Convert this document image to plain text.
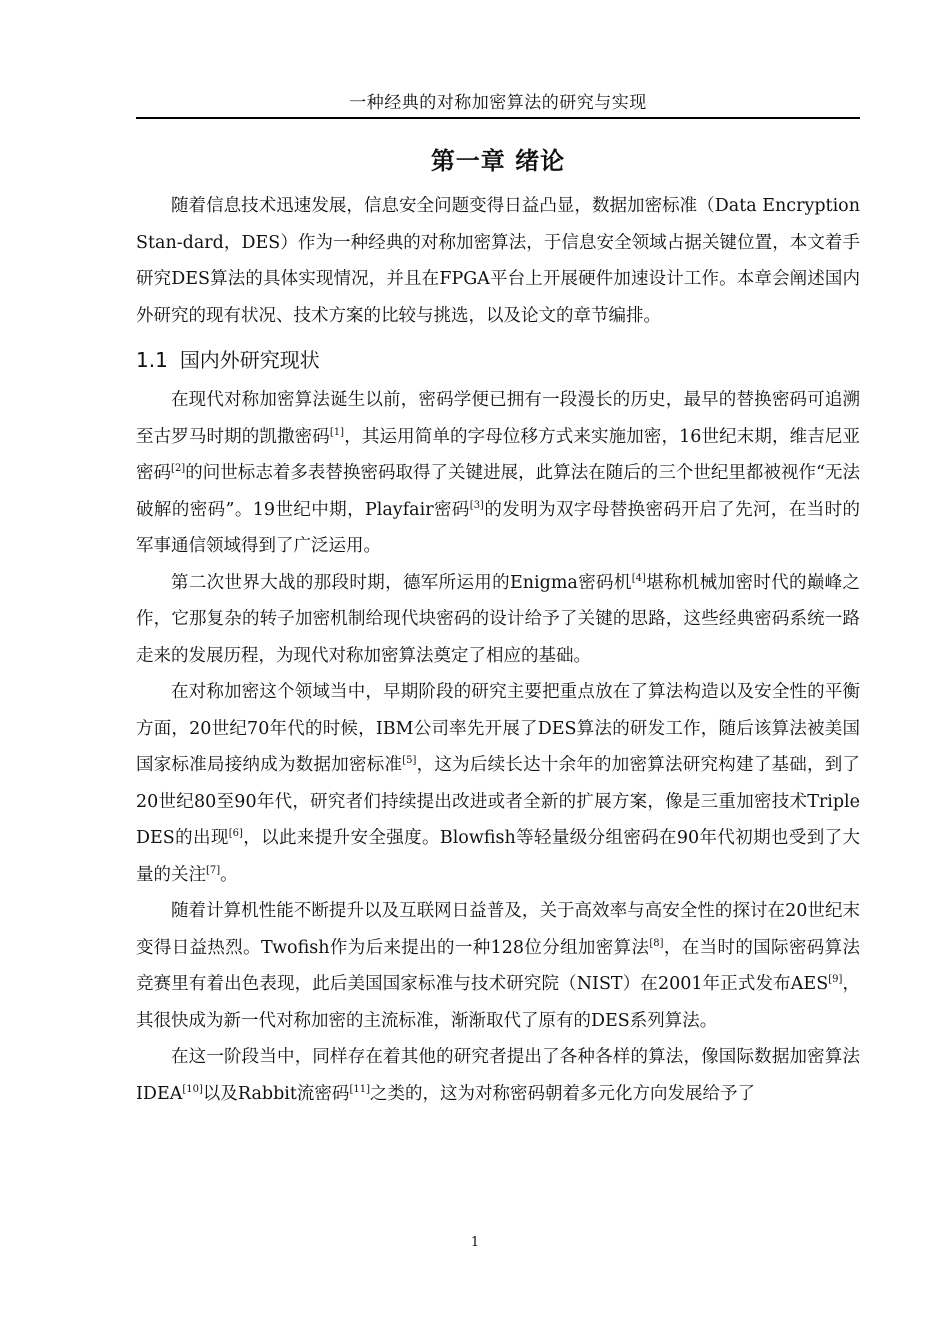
一种经典的对称加密算法的研究与实现
第一章 绪论

随着信息技术迅速发展，信息安全问题变得日益凸显，数据加密标准（Data Encryption Stan-dard，DES）作为一种经典的对称加密算法，于信息安全领域占据关键位置，本文着手研究DES算法的具体实现情况，并且在FPGA平台上开展硬件加速设计工作。本章会阐述国内外研究的现有状况、技术方案的比较与挑选，以及论文的章节编排。

1.1 国内外研究现状

在现代对称加密算法诞生以前，密码学便已拥有一段漫长的历史，最早的替换密码可追溯至古罗马时期的凯撒密码[1]，其运用简单的字母位移方式来实施加密，16世纪末期，维吉尼亚密码[2]的问世标志着多表替换密码取得了关键进展，此算法在随后的三个世纪里都被视作“无法破解的密码”。19世纪中期，Playfair密码[3]的发明为双字母替换密码开启了先河，在当时的军事通信领域得到了广泛运用。

第二次世界大战的那段时期，德军所运用的Enigma密码机[4]堪称机械加密时代的巅峰之作，它那复杂的转子加密机制给现代块密码的设计给予了关键的思路，这些经典密码系统一路走来的发展历程，为现代对称加密算法奠定了相应的基础。

在对称加密这个领域当中，早期阶段的研究主要把重点放在了算法构造以及安全性的平衡方面，20世纪70年代的时候，IBM公司率先开展了DES算法的研发工作，随后该算法被美国国家标准局接纳成为数据加密标准[5]，这为后续长达十余年的加密算法研究构建了基础，到了20世纪80至90年代，研究者们持续提出改进或者全新的扩展方案，像是三重加密技术Triple DES的出现[6]，以此来提升安全强度。Blowfish等轻量级分组密码在90年代初期也受到了大量的关注[7]。

随着计算机性能不断提升以及互联网日益普及，关于高效率与高安全性的探讨在20世纪末变得日益热烈。Twofish作为后来提出的一种128位分组加密算法[8]，在当时的国际密码算法竞赛里有着出色表现，此后美国国家标准与技术研究院（NIST）在2001年正式发布AES[9]，其很快成为新一代对称加密的主流标准，渐渐取代了原有的DES系列算法。

在这一阶段当中，同样存在着其他的研究者提出了各种各样的算法，像国际数据加密算法IDEA[10]以及Rabbit流密码[11]之类的，这为对称密码朝着多元化方向发展给予了

1
